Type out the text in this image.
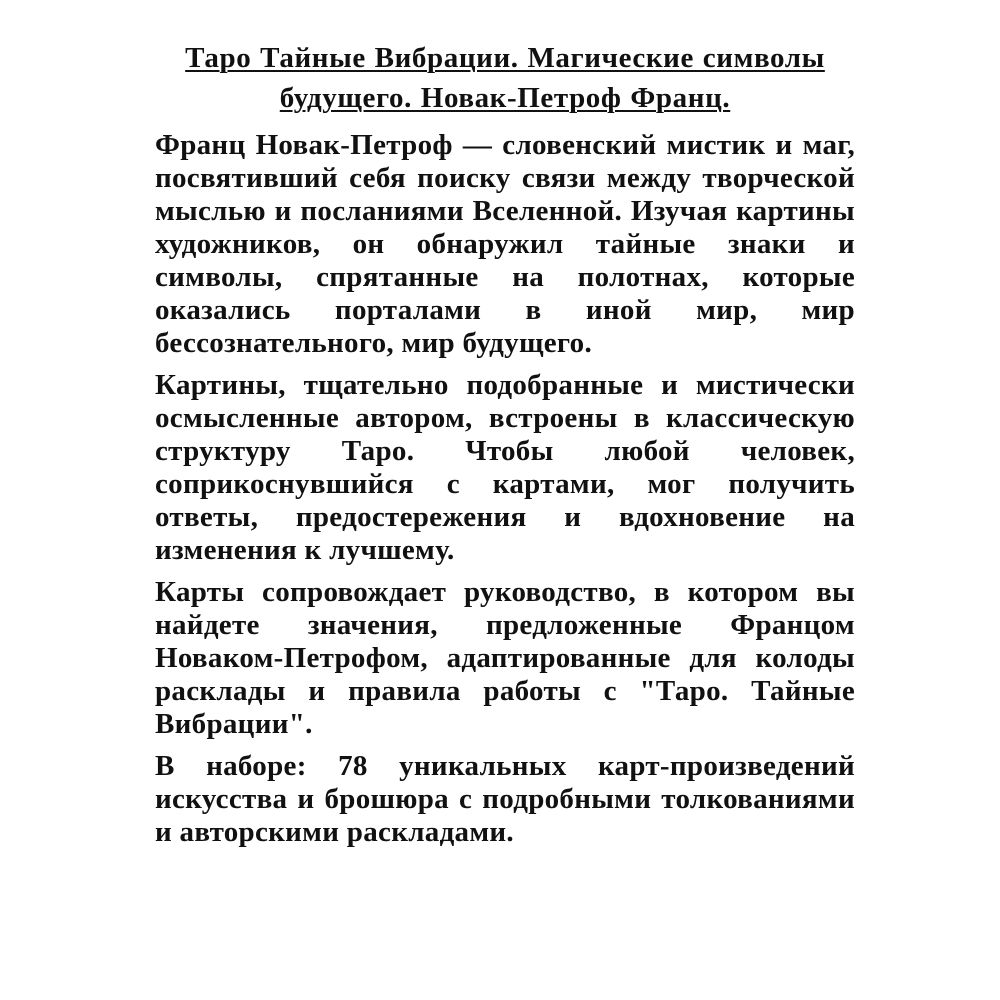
Таро Тайные Вибрации. Магические символы будущего. Новак-Петроф Франц.

Франц Новак-Петроф — словенский мистик и маг, посвятивший себя поиску связи между творческой мыслью и посланиями Вселенной. Изучая картины художников, он обнаружил тайные знаки и символы, спрятанные на полотнах, которые оказались порталами в иной мир, мир бессознательного, мир будущего.

Картины, тщательно подобранные и мистически осмысленные автором, встроены в классическую структуру Таро. Чтобы любой человек, соприкоснувшийся с картами, мог получить ответы, предостережения и вдохновение на изменения к лучшему.

Карты сопровождает руководство, в котором вы найдете значения, предложенные Францом Новаком-Петрофом, адаптированные для колоды расклады и правила работы с "Таро. Тайные Вибрации".

В наборе: 78 уникальных карт-произведений искусства и брошюра с подробными толкованиями и авторскими раскладами.
